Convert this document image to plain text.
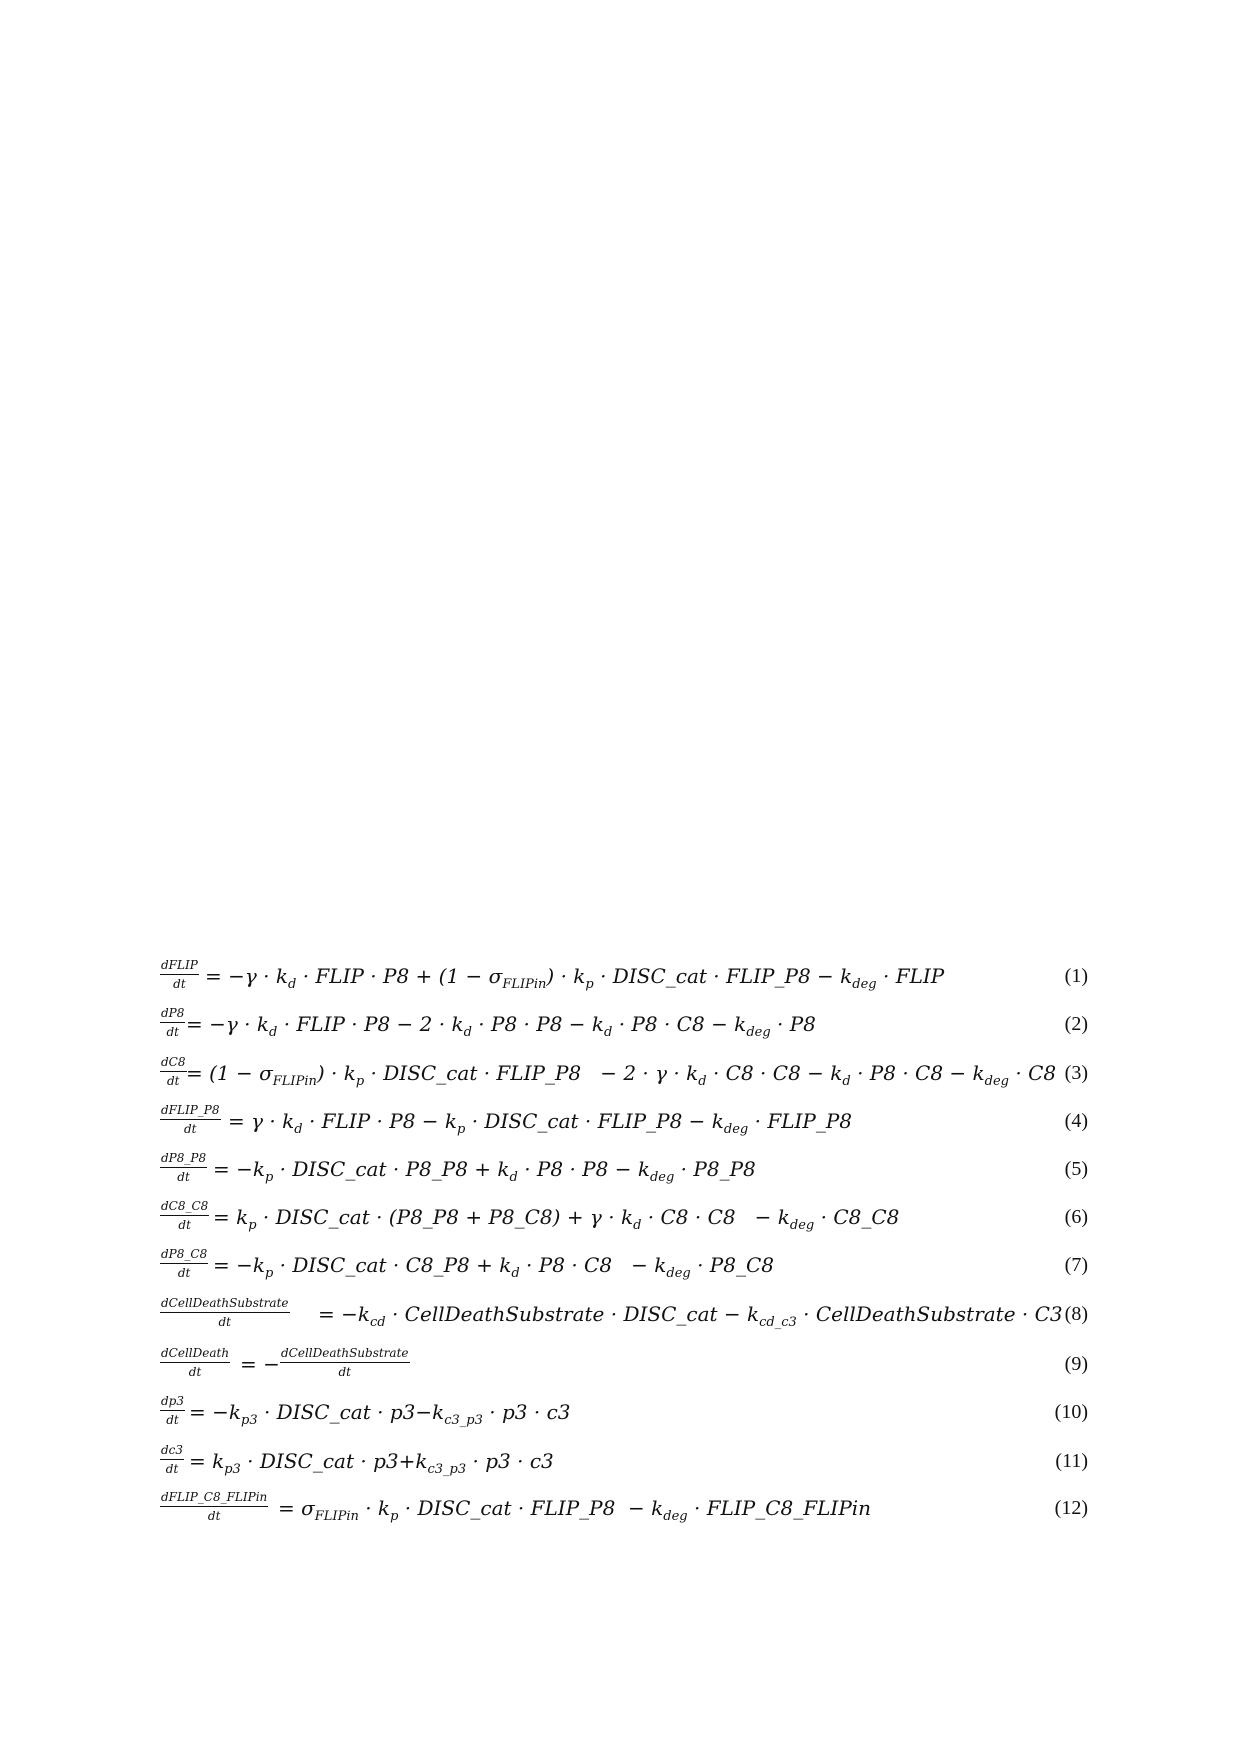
dFLIP
dt = $-\gamma \cdot k_d$ · FLIP · $P8 + (1 - \sigma_{FLIPin}) \cdot k_p$ · DISC_cat · FLIP_P8 − $k_{deg}$ · FLIP	(1)
$\frac{dP8}{dt} = -\gamma \cdot k_d$ · FLIP · $P8 - 2 \cdot k_d \cdot P8 \cdot P8 - k_d \cdot P8 \cdot C8 - k_{deg} \cdot P8$	(2)
$\frac{dC8}{dt} = (1 - \sigma_{FLIPin}) \cdot k_p$ · DISC_cat · FLIP_P8   − $2 \cdot \gamma \cdot k_d \cdot C8 \cdot C8 - k_d \cdot P8 \cdot C8 - k_{deg} \cdot C8$ (3)
dFLIP_P8
dt	= $\gamma \cdot k_d$ · FLIP · $P8 - k_p$ · DISC_cat · FLIP_P8 − $k_{deg}$ · FLIP_P8	(4)
$\frac{dP8\_P8}{dt} = -k_p$ · DISC_cat · P8_P8 + $k_d \cdot P8 \cdot P8 - k_{deg}$ · P8_P8	(5)
$\frac{dC8\_C8}{dt} = k_p$ · DISC_cat · (P8_P8 + P8_C8) + $\gamma \cdot k_d \cdot C8 \cdot C8 - k_{deg}$ · C8_C8	(6)
$\frac{dP8\_C8}{dt} = -k_p$ · DISC_cat · C8_P8 + $k_d \cdot P8 \cdot C8 - k_{deg}$ · P8_C8	(7)
dCellDeathSubstrate
dt	= $-k_{cd}$ · CellDeathSubstrate · DISC_cat − $k_{cd\_c3}$ · CellDeathSubstrate · C3 (8)
dCellDeath
dt	= − dCellDeathSubstrate
dt	(9)
$\frac{dp3}{dt} = -k_{p3}$ · DISC_cat · $p3-k_{c3\_p3} \cdot p3 \cdot c3$	(10)
$\frac{dc3}{dt} = k_{p3}$ · DISC_cat · $p3+k_{c3\_p3} \cdot p3 \cdot c3$	(11)
dFLIP_C8_FLIPin
dt	= $\sigma_{FLIPin} \cdot k_p$ · DISC_cat · FLIP_P8  − $k_{deg}$ · FLIP_C8_FLIPin	(12)
